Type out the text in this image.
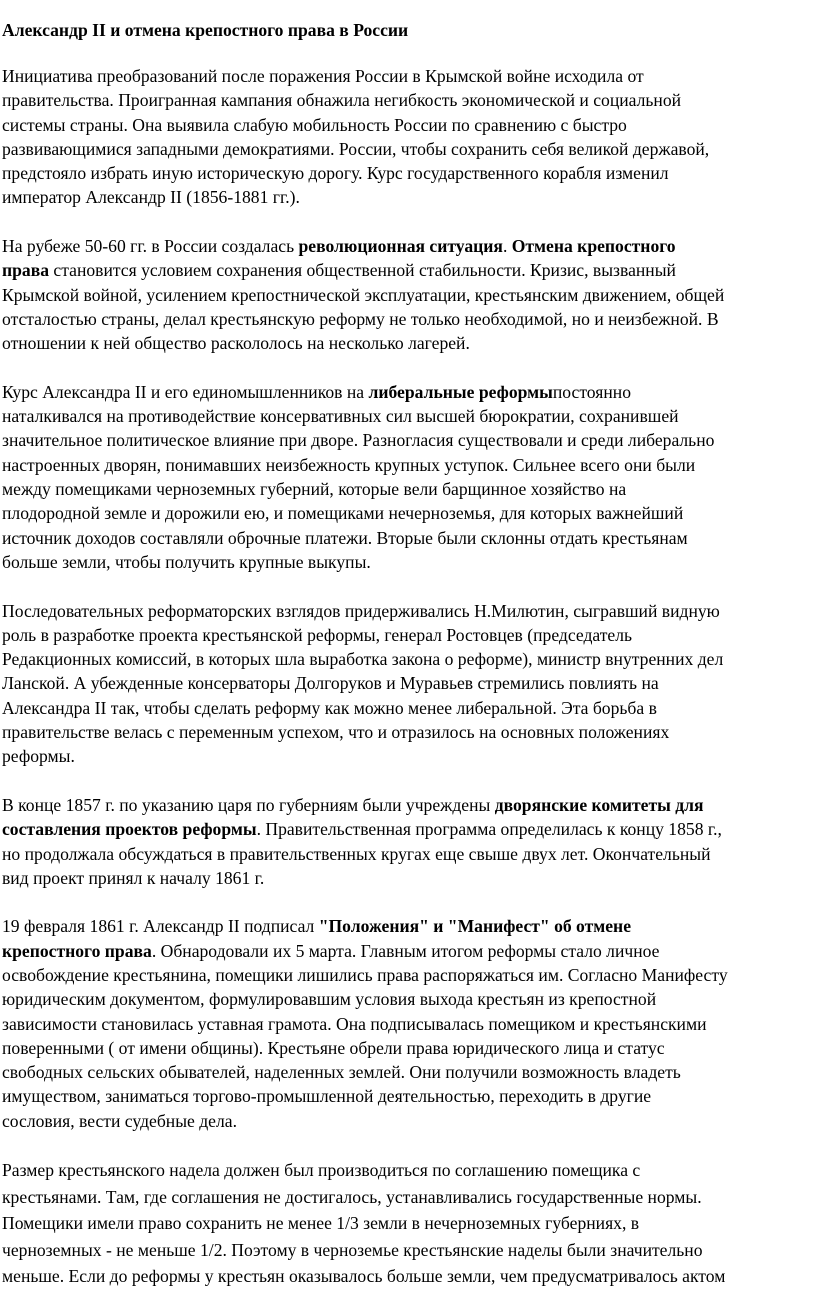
Александр II и отмена крепостного права в России

Инициатива преобразований после поражения России в Крымской войне исходила от
правительства. Проигранная кампания обнажила негибкость экономической и социальной
системы страны. Она выявила слабую мобильность России по сравнению с быстро
развивающимися западными демократиями. России, чтобы сохранить себя великой державой,
предстояло избрать иную историческую дорогу. Курс государственного корабля изменил
император Александр II (1856-1881 гг.).

На рубеже 50-60 гг. в России создалась революционная ситуация. Отмена крепостного
права становится условием сохранения общественной стабильности. Кризис, вызванный
Крымской войной, усилением крепостнической эксплуатации, крестьянским движением, общей
отсталостью страны, делал крестьянскую реформу не только необходимой, но и неизбежной. В
отношении к ней общество раскололось на несколько лагерей.

Курс Александра II и его единомышленников на либеральные реформыпостоянно
наталкивался на противодействие консервативных сил высшей бюрократии, сохранившей
значительное политическое влияние при дворе. Разногласия существовали и среди либерально
настроенных дворян, понимавших неизбежность крупных уступок. Сильнее всего они были
между помещиками черноземных губерний, которые вели барщинное хозяйство на
плодородной земле и дорожили ею, и помещиками нечерноземья, для которых важнейший
источник доходов составляли оброчные платежи. Вторые были склонны отдать крестьянам
больше земли, чтобы получить крупные выкупы.

Последовательных реформаторских взглядов придерживались Н.Милютин, сыгравший видную
роль в разработке проекта крестьянской реформы, генерал Ростовцев (председатель
Редакционных комиссий, в которых шла выработка закона о реформе), министр внутренних дел
Ланской. А убежденные консерваторы Долгоруков и Муравьев стремились повлиять на
Александра II так, чтобы сделать реформу как можно менее либеральной. Эта борьба в
правительстве велась с переменным успехом, что и отразилось на основных положениях
реформы.

В конце 1857 г. по указанию царя по губерниям были учреждены дворянские комитеты для
составления проектов реформы. Правительственная программа определилась к концу 1858 г.,
но продолжала обсуждаться в правительственных кругах еще свыше двух лет. Окончательный
вид проект принял к началу 1861 г.

19 февраля 1861 г. Александр II подписал "Положения" и "Манифест" об отмене
крепостного права. Обнародовали их 5 марта. Главным итогом реформы стало личное
освобождение крестьянина, помещики лишились права распоряжаться им. Согласно Манифесту
юридическим документом, формулировавшим условия выхода крестьян из крепостной
зависимости становилась уставная грамота. Она подписывалась помещиком и крестьянскими
поверенными ( от имени общины). Крестьяне обрели права юридического лица и статус
свободных сельских обывателей, наделенных землей. Они получили возможность владеть
имуществом, заниматься торгово-промышленной деятельностью, переходить в другие
сословия, вести судебные дела.

Размер крестьянского надела должен был производиться по соглашению помещика с
крестьянами. Там, где соглашения не достигалось, устанавливались государственные нормы.
Помещики имели право сохранить не менее 1/3 земли в нечерноземных губерниях, в
черноземных - не меньше 1/2. Поэтому в черноземье крестьянские наделы были значительно
меньше. Если до реформы у крестьян оказывалось больше земли, чем предусматривалось актом
